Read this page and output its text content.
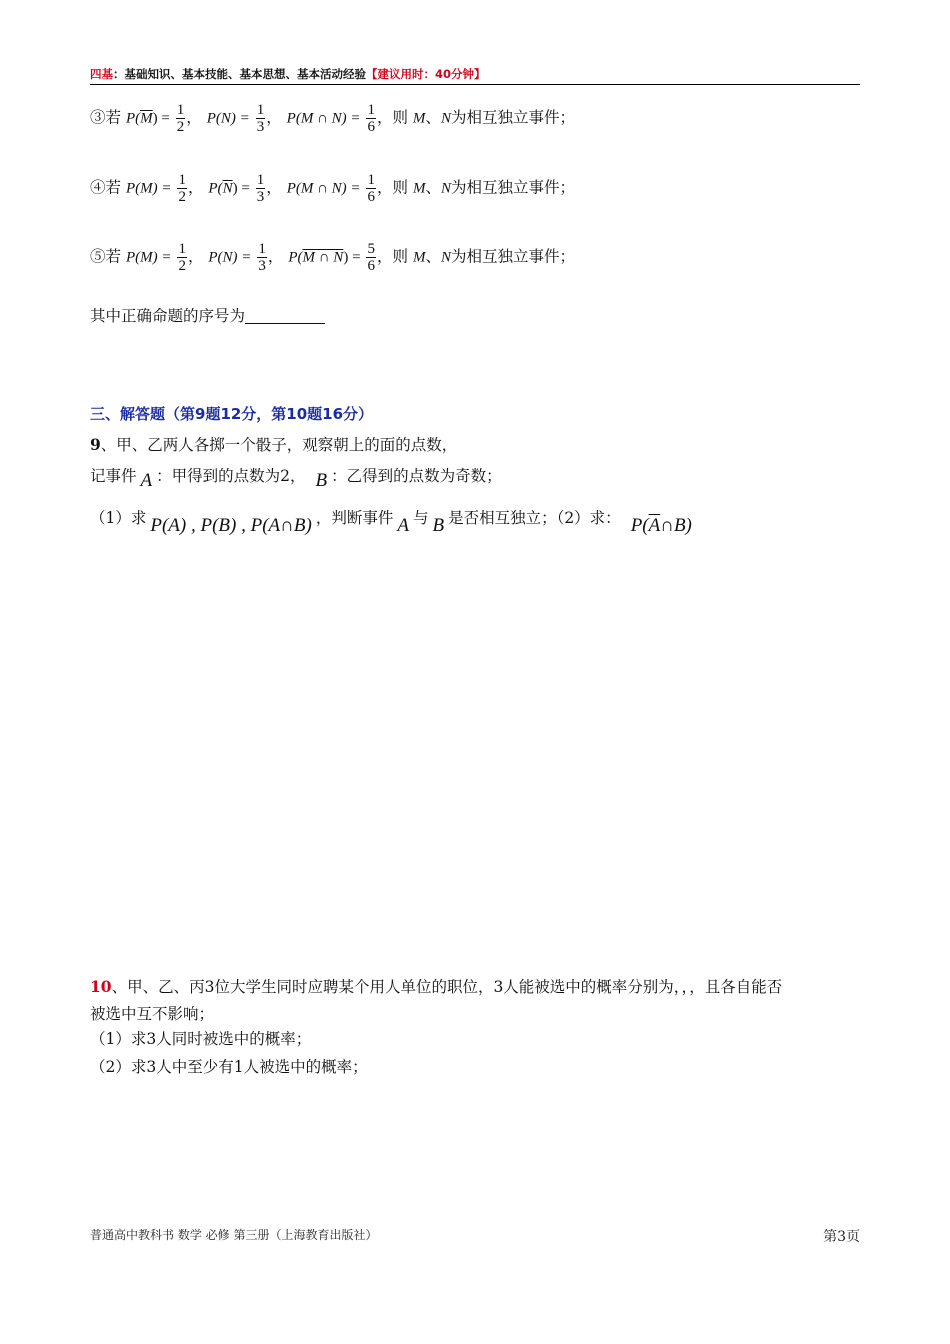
四基：基础知识、基本技能、基本思想、基本活动经验【建议用时：40分钟】
③若 $P(\overline{M}) = \frac{1}{2}$ ， $P(N) = \frac{1}{3}$ ， P(M ∩ $N) = \frac{1}{6}$ ，则 M、N为相互独立事件；
④若 $P(M) = \frac{1}{2}$ ， $P(\overline{N}) = \frac{1}{3}$ ， P(M ∩ $N) = \frac{1}{6}$ ，则 M、N为相互独立事件；
⑤若 $P(M) = \frac{1}{2}$ ， $P(N) = \frac{1}{3}$ ， P(M ∩ $N) = \frac{5}{6}$ ，则 M、N为相互独立事件；
其中正确命题的序号为
三、解答题（第9题12分，第10题16分）
9、甲、乙两人各掷一个骰子，观察朝上的面的点数，
记事件 A ：甲得到的点数为2， B ：乙得到的点数为奇数；
（1）求 P(A) , P(B) , P(A∩B) ，判断事件 A 与 B 是否相互独立；（2）求： $P(\overline{A}\cap B)$
10、甲、乙、丙3位大学生同时应聘某个用人单位的职位，3人能被选中的概率分别为，，，且各自能否
被选中互不影响；
（1）求3人同时被选中的概率；
（2）求3人中至少有1人被选中的概率；
普通高中教科书 数学 必修 第三册（上海教育出版社）	第3页
